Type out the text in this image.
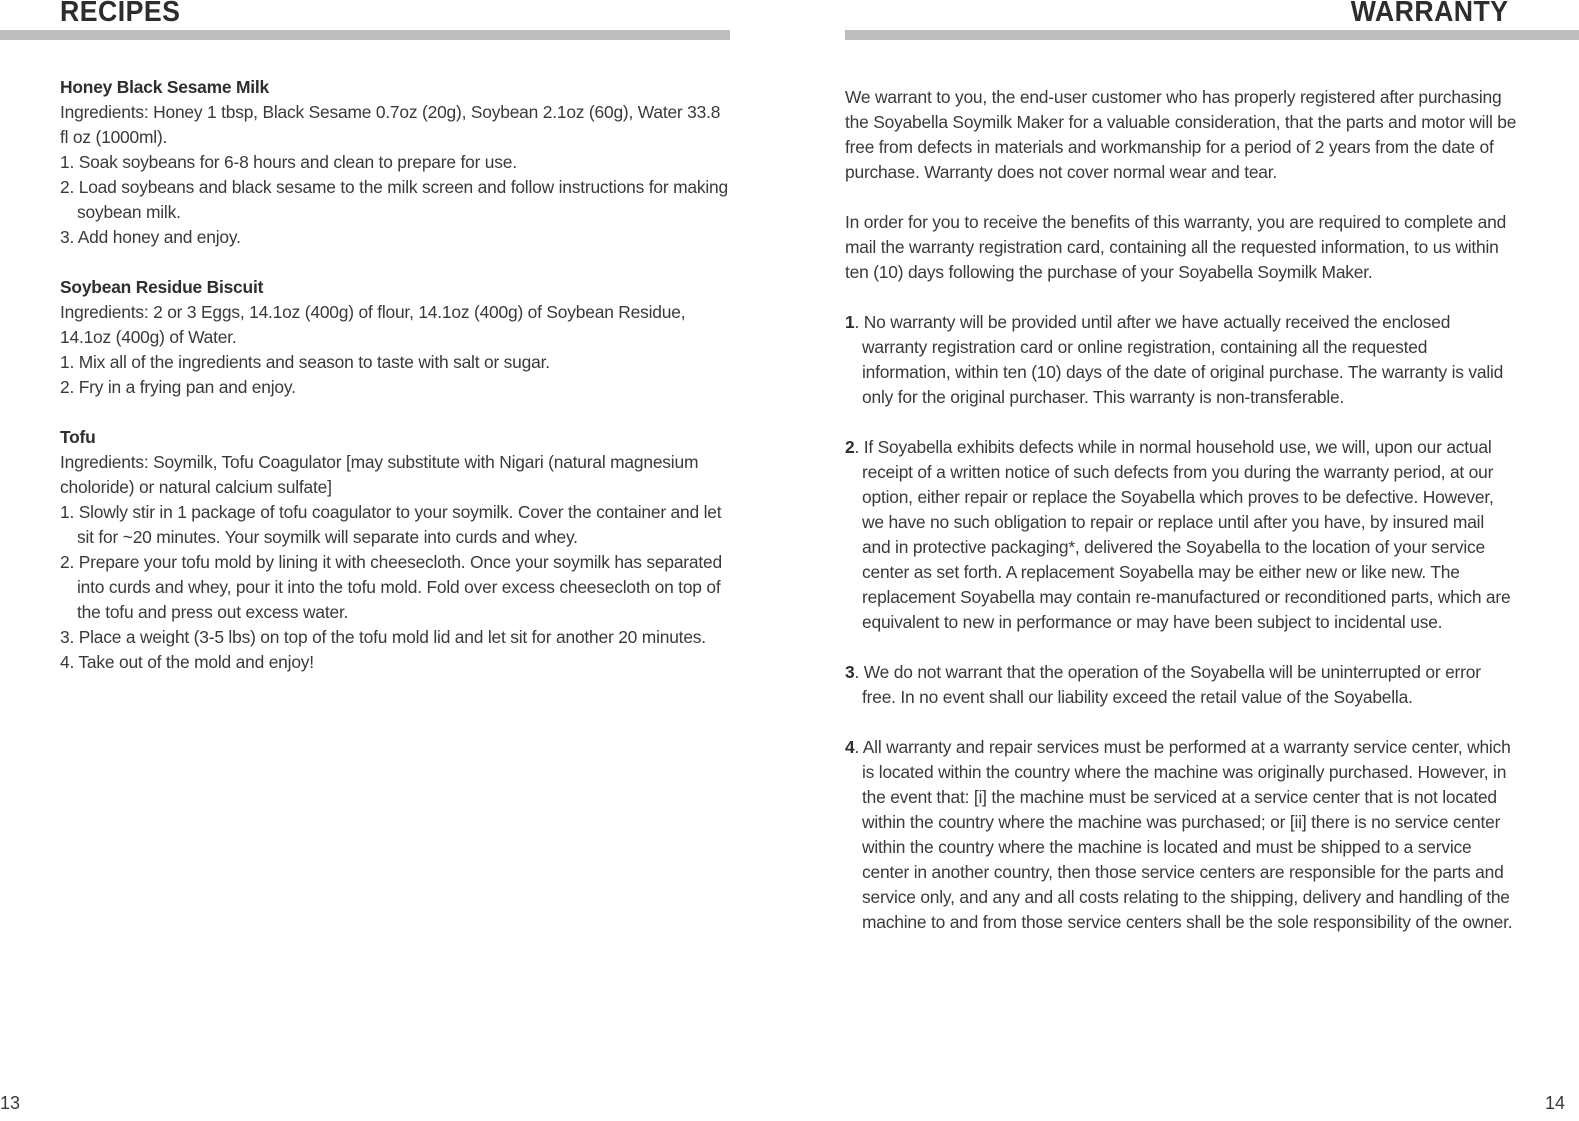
RECIPES
Honey Black Sesame Milk
Ingredients: Honey 1 tbsp, Black Sesame 0.7oz (20g), Soybean 2.1oz (60g), Water 33.8 fl oz (1000ml).
1. Soak soybeans for 6-8 hours and clean to prepare for use.
2. Load soybeans and black sesame to the milk screen and follow instructions for making soybean milk.
3. Add honey and enjoy.
Soybean Residue Biscuit
Ingredients: 2 or 3 Eggs, 14.1oz (400g) of flour, 14.1oz (400g) of Soybean Residue, 14.1oz (400g) of Water.
1. Mix all of the ingredients and season to taste with salt or sugar.
2. Fry in a frying pan and enjoy.
Tofu
Ingredients: Soymilk, Tofu Coagulator [may substitute with Nigari (natural magnesium choloride) or natural calcium sulfate]
1. Slowly stir in 1 package of tofu coagulator to your soymilk. Cover the container and let sit for ~20 minutes. Your soymilk will separate into curds and whey.
2. Prepare your tofu mold by lining it with cheesecloth. Once your soymilk has separated into curds and whey, pour it into the tofu mold. Fold over excess cheesecloth on top of the tofu and press out excess water.
3. Place a weight (3-5 lbs) on top of the tofu mold lid and let sit for another 20 minutes.
4. Take out of the mold and enjoy!
13
WARRANTY

We warrant to you, the end-user customer who has properly registered after purchasing the Soyabella Soymilk Maker for a valuable consideration, that the parts and motor will be free from defects in materials and workmanship for a period of 2 years from the date of purchase. Warranty does not cover normal wear and tear.

In order for you to receive the benefits of this warranty, you are required to complete and mail the warranty registration card, containing all the requested information, to us within ten (10) days following the purchase of your Soyabella Soymilk Maker.

1. No warranty will be provided until after we have actually received the enclosed warranty registration card or online registration, containing all the requested information, within ten (10) days of the date of original purchase. The warranty is valid only for the original purchaser. This warranty is non-transferable.
2. If Soyabella exhibits defects while in normal household use, we will, upon our actual receipt of a written notice of such defects from you during the warranty period, at our option, either repair or replace the Soyabella which proves to be defective. However, we have no such obligation to repair or replace until after you have, by insured mail and in protective packaging*, delivered the Soyabella to the location of your service center as set forth. A replacement Soyabella may be either new or like new. The replacement Soyabella may contain re-manufactured or reconditioned parts, which are equivalent to new in performance or may have been subject to incidental use.
3. We do not warrant that the operation of the Soyabella will be uninterrupted or error free. In no event shall our liability exceed the retail value of the Soyabella.
4. All warranty and repair services must be performed at a warranty service center, which is located within the country where the machine was originally purchased. However, in the event that: [i] the machine must be serviced at a service center that is not located within the country where the machine was purchased; or [ii] there is no service center within the country where the machine is located and must be shipped to a service center in another country, then those service centers are responsible for the parts and service only, and any and all costs relating to the shipping, delivery and handling of the machine to and from those service centers shall be the sole responsibility of the owner.
14
